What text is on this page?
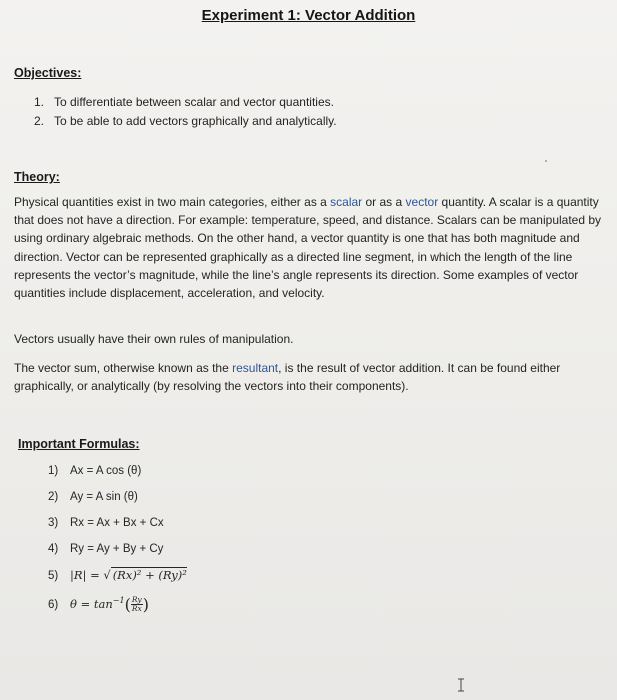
Experiment 1: Vector Addition
Objectives:
1. To differentiate between scalar and vector quantities.
2. To be able to add vectors graphically and analytically.
Theory:

Physical quantities exist in two main categories, either as a scalar or as a vector quantity. A scalar is a quantity that does not have a direction. For example: temperature, speed, and distance. Scalars can be manipulated by using ordinary algebraic methods. On the other hand, a vector quantity is one that has both magnitude and direction. Vector can be represented graphically as a directed line segment, in which the length of the line represents the vector’s magnitude, while the line’s angle represents its direction. Some examples of vector quantities include displacement, acceleration, and velocity.

Vectors usually have their own rules of manipulation.

The vector sum, otherwise known as the resultant, is the result of vector addition. It can be found either graphically, or analytically (by resolving the vectors into their components).

Important Formulas:
1) Ax = A cos (θ)
2) Ay = A sin (θ)
3) Rx = Ax + Bx + Cx
4) Ry = Ay + By + Cy
5) |R| = √ (Rx)² + (Ry)²
6) $\theta = \tan^{-1}( \frac{Ry}{Rx}$ )
